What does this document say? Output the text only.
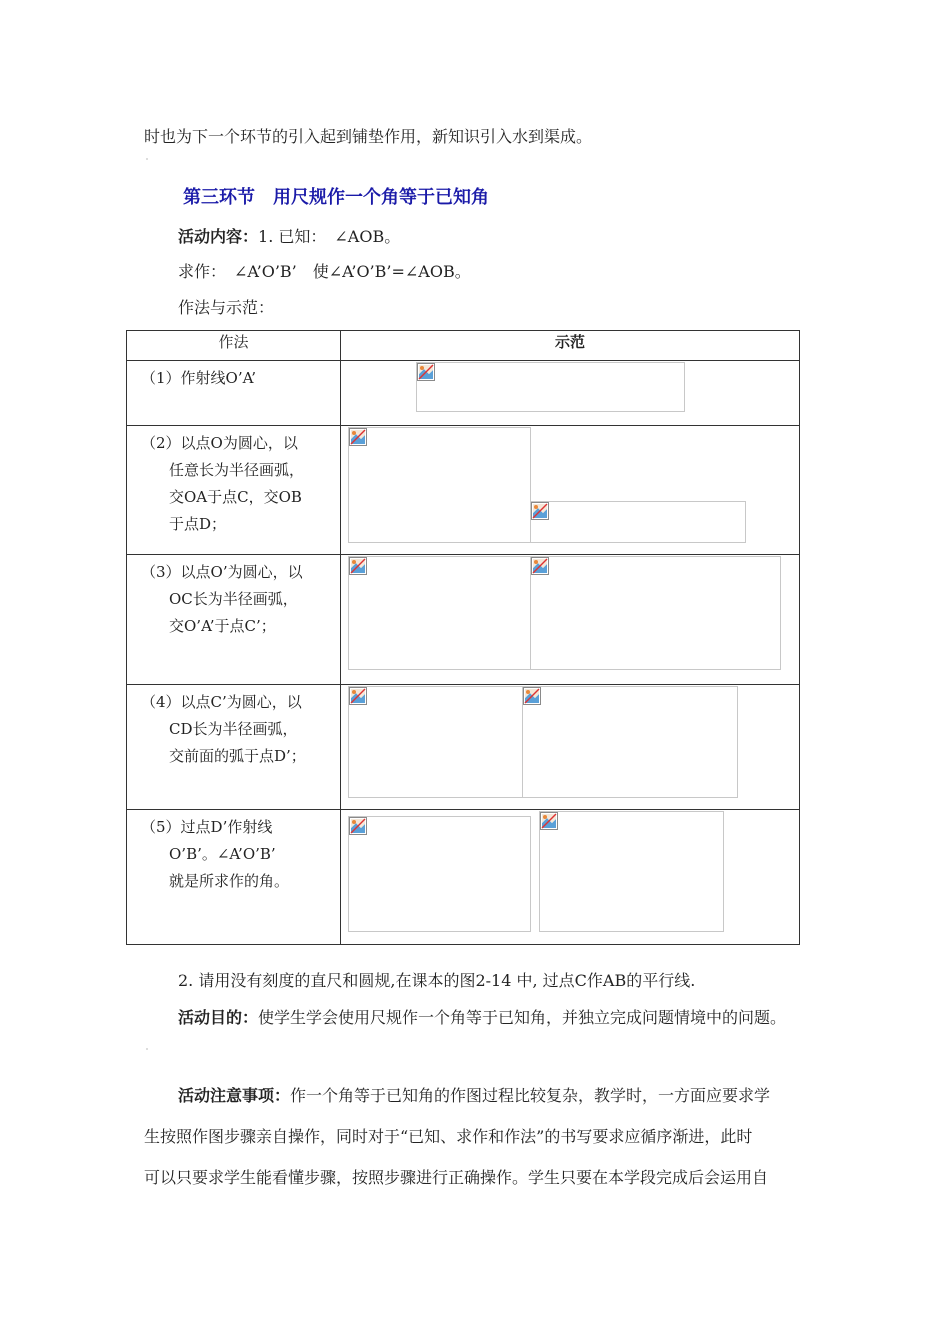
时也为下一个环节的引入起到铺垫作用，新知识引入水到渠成。
第三环节　用尺规作一个角等于已知角
活动内容：1. 已知：　∠AOB。
求作：　∠A’O’B’　使∠A’O’B’=∠AOB。
作法与示范：
作法	示范

（1）作射线O’A’

（2）以点O为圆心，以
任意长为半径画弧，
交OA于点C，交OB
于点D；

（3）以点O’为圆心，以
OC长为半径画弧，
交O’A’于点C’；

（4）以点C’为圆心，以
CD长为半径画弧，
交前面的弧于点D’；

（5）过点D’作射线
O’B’。∠A’O’B’
就是所求作的角。

2. 请用没有刻度的直尺和圆规,在课本的图2-14 中, 过点C作AB的平行线.
活动目的：使学生学会使用尺规作一个角等于已知角，并独立完成问题情境中的问题。
活动注意事项：作一个角等于已知角的作图过程比较复杂，教学时，一方面应要求学
生按照作图步骤亲自操作，同时对于“已知、求作和作法”的书写要求应循序渐进，此时
可以只要求学生能看懂步骤，按照步骤进行正确操作。学生只要在本学段完成后会运用自
